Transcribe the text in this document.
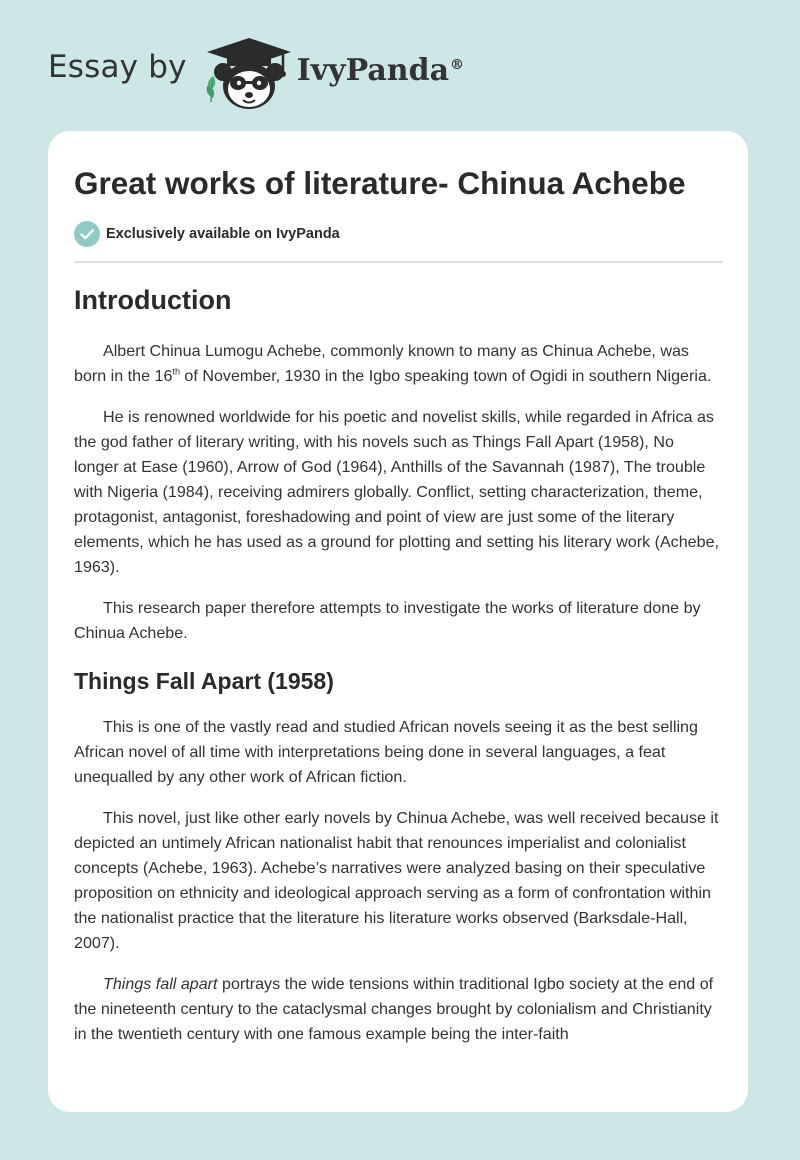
Essay by	IvyPanda®
Great works of literature- Chinua Achebe
Exclusively available on IvyPanda
Introduction

Albert Chinua Lumogu Achebe, commonly known to many as Chinua Achebe, was born in the 16th of November, 1930 in the Igbo speaking town of Ogidi in southern Nigeria.

He is renowned worldwide for his poetic and novelist skills, while regarded in Africa as the god father of literary writing, with his novels such as Things Fall Apart (1958), No longer at Ease (1960), Arrow of God (1964), Anthills of the Savannah (1987), The trouble with Nigeria (1984), receiving admirers globally. Conflict, setting characterization, theme, protagonist, antagonist, foreshadowing and point of view are just some of the literary elements, which he has used as a ground for plotting and setting his literary work (Achebe, 1963).

This research paper therefore attempts to investigate the works of literature done by Chinua Achebe.

Things Fall Apart (1958)

This is one of the vastly read and studied African novels seeing it as the best selling African novel of all time with interpretations being done in several languages, a feat unequalled by any other work of African fiction.

This novel, just like other early novels by Chinua Achebe, was well received because it depicted an untimely African nationalist habit that renounces imperialist and colonialist concepts (Achebe, 1963). Achebe’s narratives were analyzed basing on their speculative proposition on ethnicity and ideological approach serving as a form of confrontation within the nationalist practice that the literature his literature works observed (Barksdale-Hall, 2007).

Things fall apart portrays the wide tensions within traditional Igbo society at the end of the nineteenth century to the cataclysmal changes brought by colonialism and Christianity in the twentieth century with one famous example being the inter-faith
